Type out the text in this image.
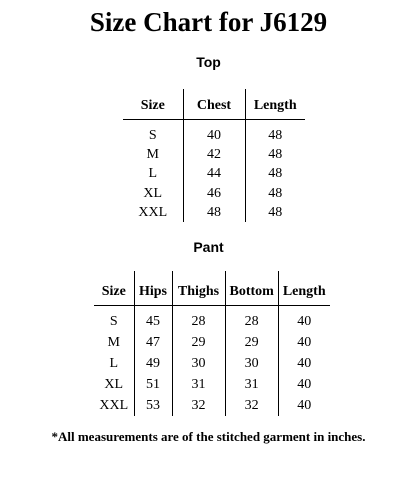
Size Chart for J6129
Top
Size	Chest	Length
S	40	48
M	42	48
L	44	48
XL	46	48
XXL	48	48
Pant
Size	Hips	Thighs	Bottom	Length
S	45	28	28	40
M	47	29	29	40
L	49	30	30	40
XL	51	31	31	40
XXL	53	32	32	40
*All measurements are of the stitched garment in inches.
